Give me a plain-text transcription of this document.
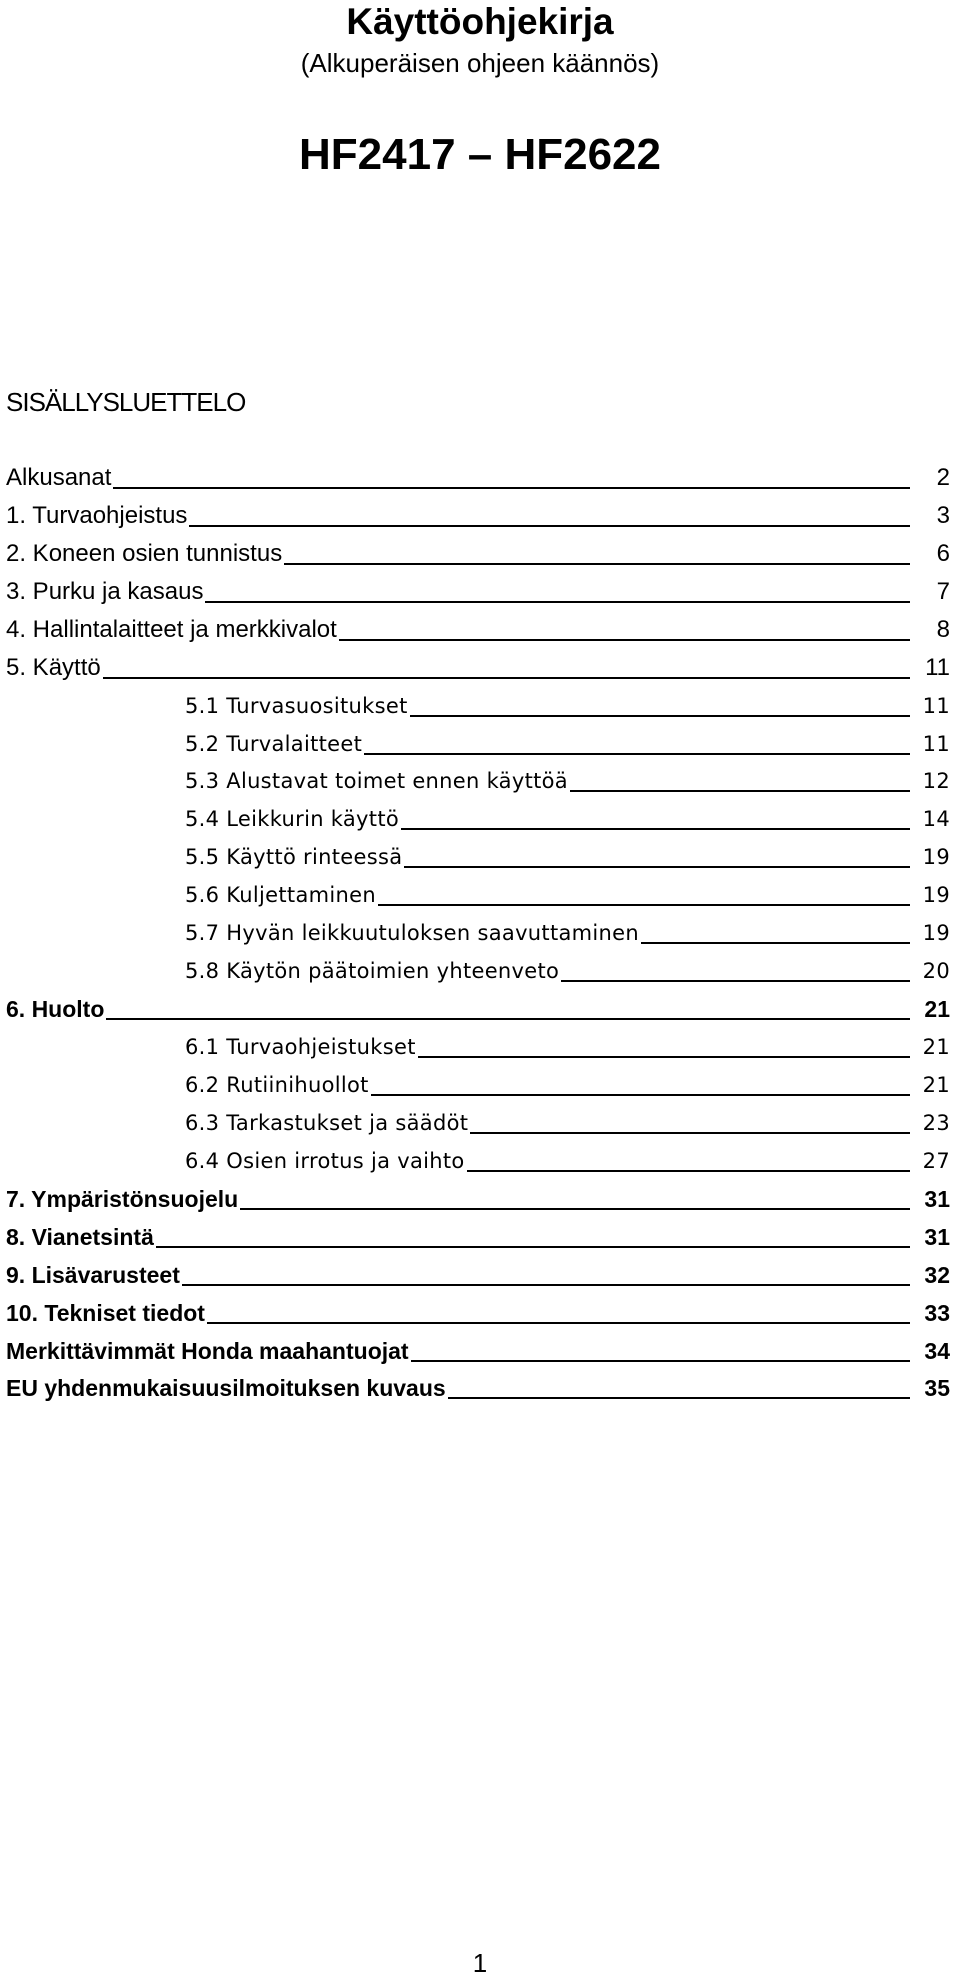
Käyttöohjekirja
(Alkuperäisen ohjeen käännös)
HF2417 – HF2622
SISÄLLYSLUETTELO
Alkusanat	2
1. Turvaohjeistus	3
2. Koneen osien tunnistus	6
3. Purku ja kasaus	7
4. Hallintalaitteet ja merkkivalot	8
5. Käyttö	11
5.1 Turvasuositukset	11
5.2 Turvalaitteet	11
5.3 Alustavat toimet ennen käyttöä	12
5.4 Leikkurin käyttö	14
5.5 Käyttö rinteessä	19
5.6 Kuljettaminen	19
5.7 Hyvän leikkuutuloksen saavuttaminen	19
5.8 Käytön päätoimien yhteenveto	20
6. Huolto	21
6.1 Turvaohjeistukset	21
6.2 Rutiinihuollot	21
6.3 Tarkastukset ja säädöt	23
6.4 Osien irrotus ja vaihto	27
7. Ympäristönsuojelu	31
8. Vianetsintä	31
9. Lisävarusteet	32
10. Tekniset tiedot	33
Merkittävimmät Honda maahantuojat	34
EU yhdenmukaisuusilmoituksen kuvaus	35
1
